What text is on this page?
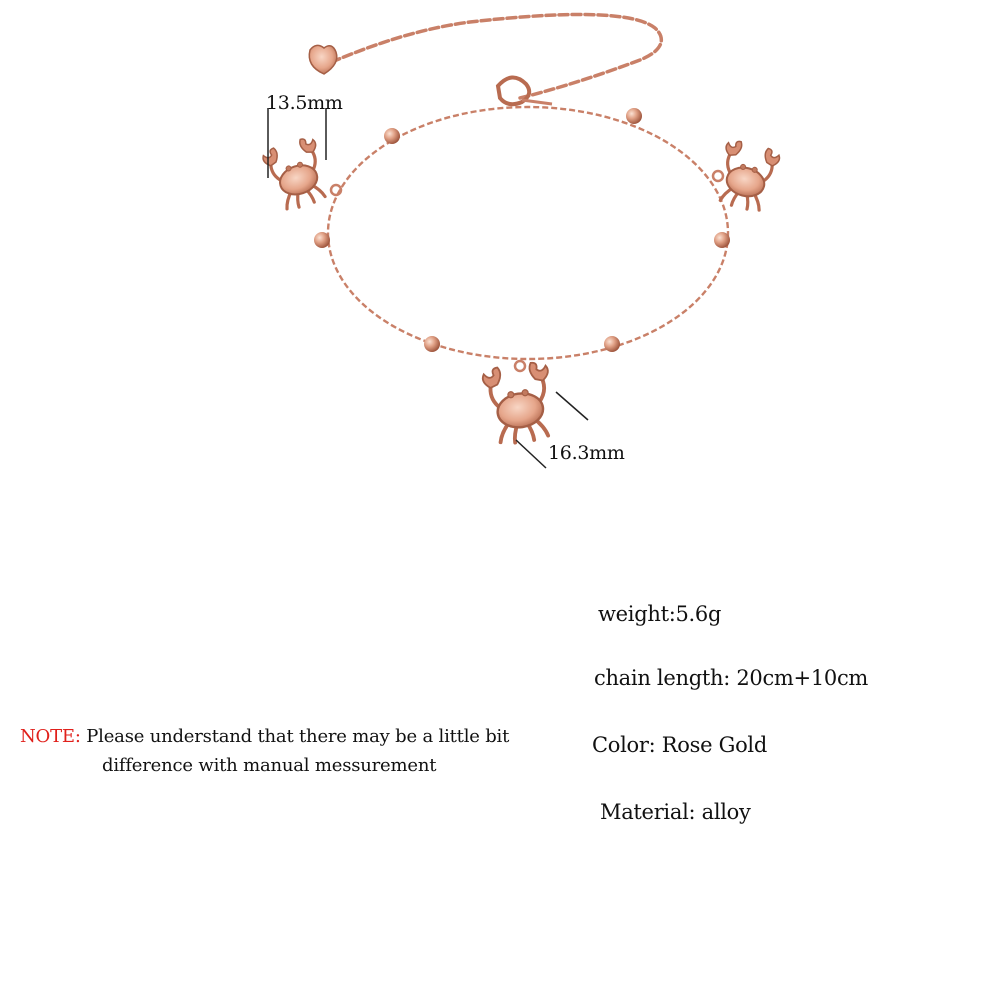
13.5mm
16.3mm
weight:5.6g
chain length: 20cm+10cm
Color: Rose Gold
Material: alloy
NOTE: Please understand that there may be a little bit
difference with manual messurement
